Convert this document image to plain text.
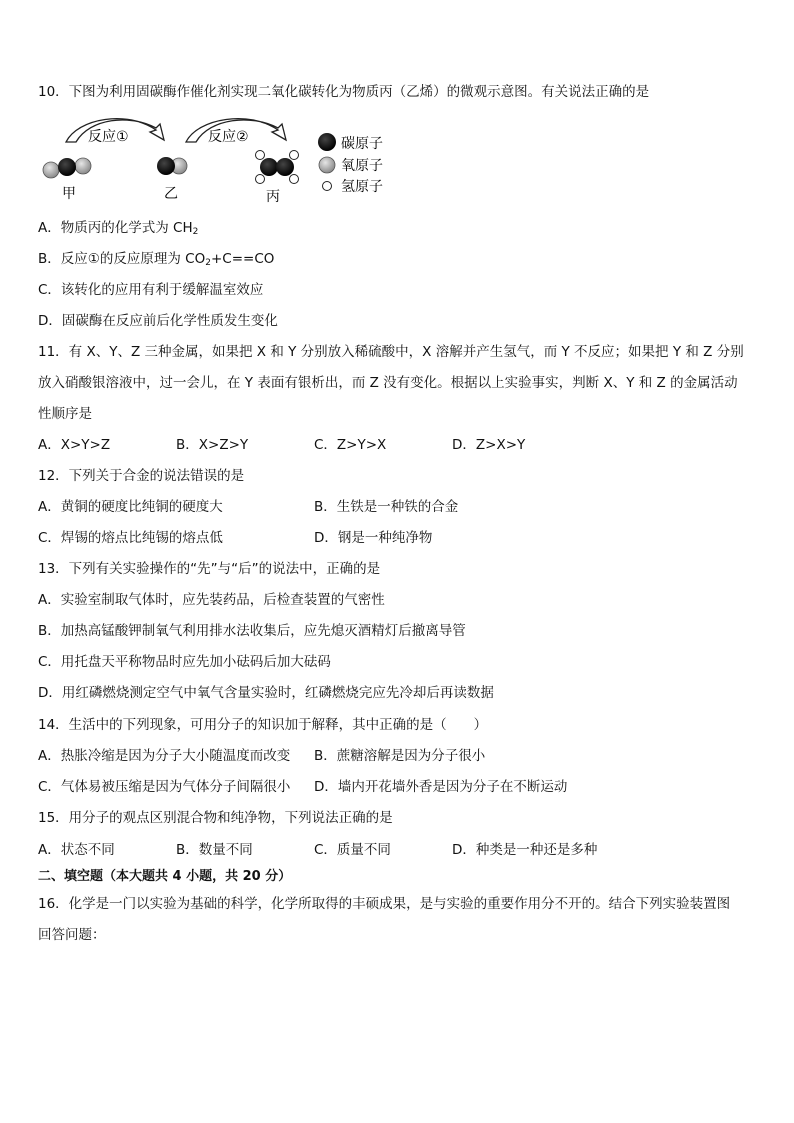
10．下图为利用固碳酶作催化剂实现二氧化碳转化为物质丙（乙烯）的微观示意图。有关说法正确的是
反应①	反应②
甲	乙	丙
碳原子
氧原子
氢原子
A．物质丙的化学式为 $CH_2$
B．反应①的反应原理为 $CO_2+C==CO$
C．该转化的应用有利于缓解温室效应
D．固碳酶在反应前后化学性质发生变化
11．有 X、Y、Z 三种金属，如果把 X 和 Y 分别放入稀硫酸中，X 溶解并产生氢气，而 Y 不反应；如果把 Y 和 Z 分别
放入硝酸银溶液中，过一会儿，在 Y 表面有银析出，而 Z 没有变化。根据以上实验事实，判断 X、Y 和 Z 的金属活动
性顺序是
A．X>Y>Z	B．X>Z>Y	C．Z>Y>X	D．Z>X>Y
12．下列关于合金的说法错误的是
A．黄铜的硬度比纯铜的硬度大	B．生铁是一种铁的合金
C．焊锡的熔点比纯锡的熔点低	D．钢是一种纯净物
13．下列有关实验操作的“先”与“后”的说法中，正确的是
A．实验室制取气体时，应先装药品，后检查装置的气密性
B．加热高锰酸钾制氧气利用排水法收集后，应先熄灭酒精灯后撤离导管
C．用托盘天平称物品时应先加小砝码后加大砝码
D．用红磷燃烧测定空气中氧气含量实验时，红磷燃烧完应先冷却后再读数据
14．生活中的下列现象，可用分子的知识加于解释，其中正确的是（　　）
A．热胀冷缩是因为分子大小随温度而改变 B．蔗糖溶解是因为分子很小
C．气体易被压缩是因为气体分子间隔很小 D．墙内开花墙外香是因为分子在不断运动
15．用分子的观点区别混合物和纯净物，下列说法正确的是
A．状态不同	B．数量不同	C．质量不同	D．种类是一种还是多种
二、填空题（本大题共 4 小题，共 20 分）
16．化学是一门以实验为基础的科学，化学所取得的丰硕成果，是与实验的重要作用分不开的。结合下列实验装置图
回答问题：
